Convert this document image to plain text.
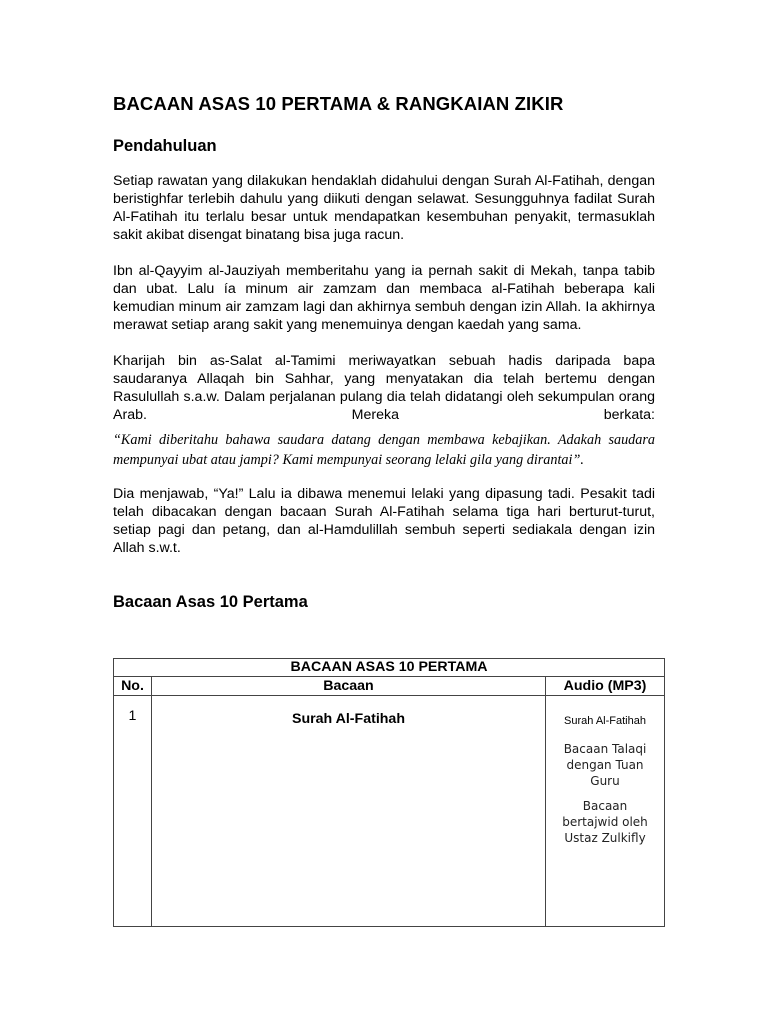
BACAAN ASAS 10 PERTAMA & RANGKAIAN ZIKIR
Pendahuluan

Setiap rawatan yang dilakukan hendaklah didahului dengan Surah Al-Fatihah, dengan beristighfar terlebih dahulu yang diikuti dengan selawat. Sesungguhnya fadilat Surah Al-Fatihah itu terlalu besar untuk mendapatkan kesembuhan penyakit, termasuklah sakit akibat disengat binatang bisa juga racun.

Ibn al-Qayyim al-Jauziyah memberitahu yang ia pernah sakit di Mekah, tanpa tabib dan ubat. Lalu ía minum air zamzam dan membaca al-Fatihah beberapa kali kemudian minum air zamzam lagi dan akhirnya sembuh dengan izin Allah. Ia akhirnya merawat setiap arang sakit yang menemuinya dengan kaedah yang sama.

Kharijah bin as-Salat al-Tamimi meriwayatkan sebuah hadis daripada bapa saudaranya Allaqah bin Sahhar, yang menyatakan dia telah bertemu dengan Rasulullah s.a.w. Dalam perjalanan pulang dia telah didatangi oleh sekumpulan orang Arab. Mereka berkata:

“Kami diberitahu bahawa saudara datang dengan membawa kebajikan. Adakah saudara mempunyai ubat atau jampi? Kami mempunyai seorang lelaki gila yang dirantai”.

Dia menjawab, “Ya!” Lalu ia dibawa menemui lelaki yang dipasung tadi. Pesakit tadi telah dibacakan dengan bacaan Surah Al-Fatihah selama tiga hari berturut-turut, setiap pagi dan petang, dan al-Hamdulillah sembuh seperti sediakala dengan izin Allah s.w.t.

Bacaan Asas 10 Pertama
BACAAN ASAS 10 PERTAMA		
No.	Bacaan	Audio (MP3)
1	Surah Al-Fatihah	Surah Al-Fatihah
Bacaan Talaqi dengan Tuan Guru
Bacaan bertajwid oleh Ustaz Zulkifly
